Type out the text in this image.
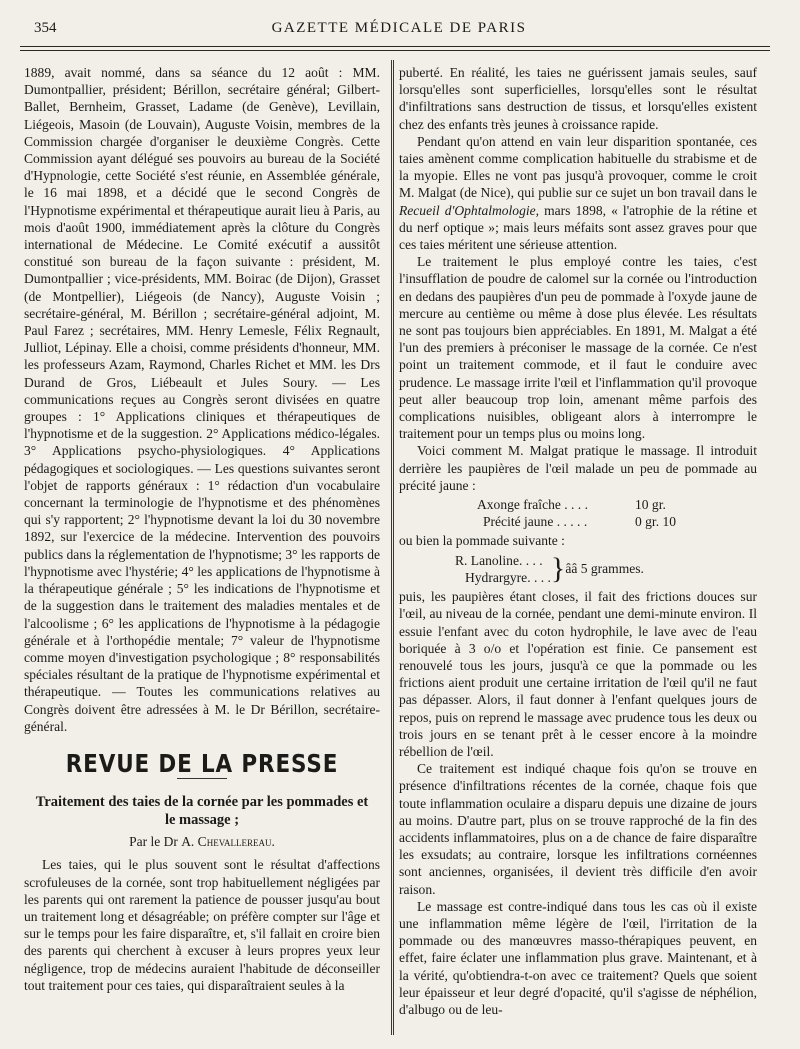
354	GAZETTE MÉDICALE DE PARIS

1889, avait nommé, dans sa séance du 12 août : MM. Dumontpallier, président; Bérillon, secrétaire général; Gilbert-Ballet, Bernheim, Grasset, Ladame (de Genève), Levillain, Liégeois, Masoin (de Louvain), Auguste Voisin, membres de la Commission chargée d'organiser le deuxième Congrès. Cette Commission ayant délégué ses pouvoirs au bureau de la Société d'Hypnologie, cette Société s'est réunie, en Assemblée générale, le 16 mai 1898, et a décidé que le second Congrès de l'Hypnotisme expérimental et thérapeutique aurait lieu à Paris, au mois d'août 1900, immédiatement après la clôture du Congrès international de Médecine. Le Comité exécutif a aussitôt constitué son bureau de la façon suivante : président, M. Dumontpallier ; vice-présidents, MM. Boirac (de Dijon), Grasset (de Montpellier), Liégeois (de Nancy), Auguste Voisin ; secrétaire-général, M. Bérillon ; secrétaire-général adjoint, M. Paul Farez ; secrétaires, MM. Henry Lemesle, Félix Regnault, Julliot, Lépinay. Elle a choisi, comme présidents d'honneur, MM. les professeurs Azam, Raymond, Charles Richet et MM. les Drs Durand de Gros, Liébeault et Jules Soury. — Les communications reçues au Congrès seront divisées en quatre groupes : 1° Applications cliniques et thérapeutiques de l'hypnotisme et de la suggestion. 2° Applications médico-légales. 3° Applications psycho-physiologiques. 4° Applications pédagogiques et sociologiques. — Les questions suivantes seront l'objet de rapports généraux : 1° rédaction d'un vocabulaire concernant la terminologie de l'hypnotisme et des phénomènes qui s'y rapportent; 2° l'hypnotisme devant la loi du 30 novembre 1892, sur l'exercice de la médecine. Intervention des pouvoirs publics dans la réglementation de l'hypnotisme; 3° les rapports de l'hypnotisme avec l'hystérie; 4° les applications de l'hypnotisme à la thérapeutique générale ; 5° les indications de l'hypnotisme et de la suggestion dans le traitement des maladies mentales et de l'alcoolisme ; 6° les applications de l'hypnotisme à la pédagogie générale et à l'orthopédie mentale; 7° valeur de l'hypnotisme comme moyen d'investigation psychologique ; 8° responsabilités spéciales résultant de la pratique de l'hypnotisme expérimental et thérapeutique. — Toutes les communications relatives au Congrès doivent être adressées à M. le Dr Bérillon, secrétaire-général.

REVUE DE LA PRESSE
Traitement des taies de la cornée par les pommades et le massage ;
Par le Dr A. Chevallereau.

Les taies, qui le plus souvent sont le résultat d'affections scrofuleuses de la cornée, sont trop habituellement négligées par les parents qui ont rarement la patience de pousser jusqu'au bout un traitement long et désagréable; on préfère compter sur l'âge et sur le temps pour les faire disparaître, et, s'il fallait en croire bien des parents qui cherchent à excuser à leurs propres yeux leur négligence, trop de médecins auraient l'habitude de déconseiller tout traitement pour ces taies, qui disparaîtraient seules à la

puberté. En réalité, les taies ne guérissent jamais seules, sauf lorsqu'elles sont superficielles, lorsqu'elles sont le résultat d'infiltrations sans destruction de tissus, et lorsqu'elles existent chez des enfants très jeunes à croissance rapide.

Pendant qu'on attend en vain leur disparition spontanée, ces taies amènent comme complication habituelle du strabisme et de la myopie. Elles ne vont pas jusqu'à provoquer, comme le croit M. Malgat (de Nice), qui publie sur ce sujet un bon travail dans le Recueil d'Ophtalmologie, mars 1898, « l'atrophie de la rétine et du nerf optique »; mais leurs méfaits sont assez graves pour que ces taies méritent une sérieuse attention.

Le traitement le plus employé contre les taies, c'est l'insufflation de poudre de calomel sur la cornée ou l'introduction en dedans des paupières d'un peu de pommade à l'oxyde jaune de mercure au centième ou même à dose plus élevée. Les résultats ne sont pas toujours bien appréciables. En 1891, M. Malgat a été l'un des premiers à préconiser le massage de la cornée. Ce n'est point un traitement commode, et il faut le conduire avec prudence. Le massage irrite l'œil et l'inflammation qu'il provoque peut aller beaucoup trop loin, amenant même parfois des complications nuisibles, obligeant alors à interrompre le traitement pour un temps plus ou moins long.

Voici comment M. Malgat pratique le massage. Il introduit derrière les paupières de l'œil malade un peu de pommade au précité jaune :

Axonge fraîche . . . .	10 gr.
Précité jaune . . . . .	0 gr. 10

ou bien la pommade suivante :

R. Lanoline. . . .
Hydrargyre. . . .	}	ââ 5 grammes.

puis, les paupières étant closes, il fait des frictions douces sur l'œil, au niveau de la cornée, pendant une demi-minute environ. Il essuie l'enfant avec du coton hydrophile, le lave avec de l'eau boriquée à 3 o/o et l'opération est finie. Ce pansement est renouvelé tous les jours, jusqu'à ce que la pommade ou les frictions aient produit une certaine irritation de l'œil qu'il ne faut pas dépasser. Alors, il faut donner à l'enfant quelques jours de repos, puis on reprend le massage avec prudence tous les deux ou trois jours en se tenant prêt à le cesser encore à la moindre rébellion de l'œil.

Ce traitement est indiqué chaque fois qu'on se trouve en présence d'infiltrations récentes de la cornée, chaque fois que toute inflammation oculaire a disparu depuis une dizaine de jours au moins. D'autre part, plus on se trouve rapproché de la fin des accidents inflammatoires, plus on a de chance de faire disparaître les exsudats; au contraire, lorsque les infiltrations cornéennes sont anciennes, organisées, il devient très difficile d'en avoir raison.

Le massage est contre-indiqué dans tous les cas où il existe une inflammation même légère de l'œil, l'irritation de la pommade ou des manœuvres masso-thérapiques peuvent, en effet, faire éclater une inflammation plus grave. Maintenant, et à la vérité, qu'obtiendra-t-on avec ce traitement? Quels que soient leur épaisseur et leur degré d'opacité, qu'il s'agisse de néphélion, d'albugo ou de leu-
